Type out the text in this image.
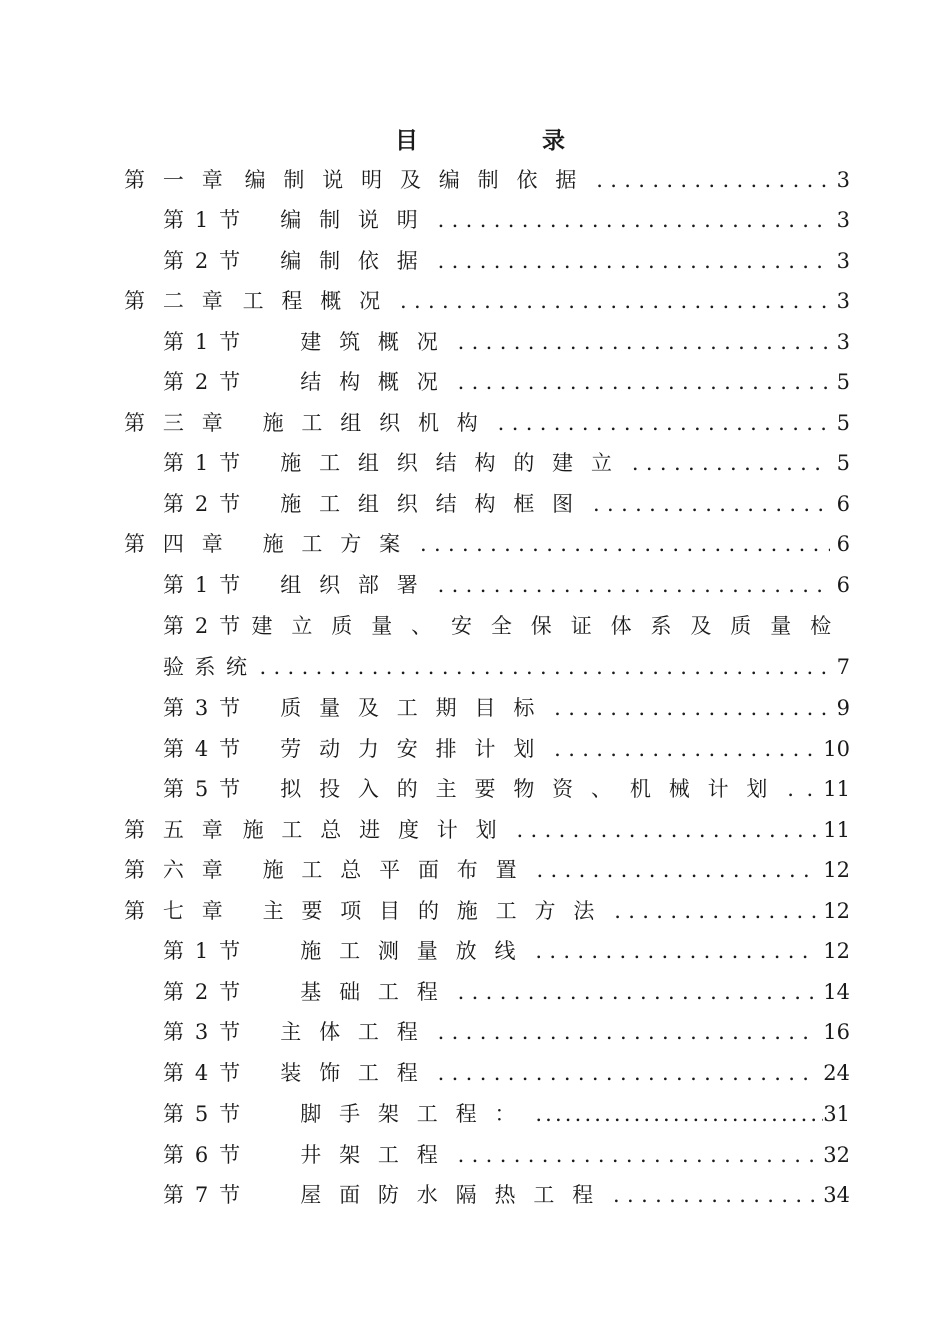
目 录
第一章 编制说明及编制依据 .....	3
第 1 节 编制说明 .....	3
第 2 节 编制依据 .....	3
第二章 工程概况 .....	3
第 1 节	建筑概况 .....	3
第 2 节	结构概况 .....	5
第三章 施工组织机构 .....	5
第 1 节 施工组织结构的建立 .....	5
第 2 节 施工组织结构框图 .....	6
第四章 施工方案 .....	6
第 1 节 组织部署 .....	6
第 2 节 建立质量、安全保证体系及质量检
验系统 .....	7
第 3 节 质量及工期目标 .....	9
第 4 节 劳动力安排计划 .....	10
第 5 节 拟投入的主要物资、机械计划 ..... 11
第五章 施工总进度计划 .....	11
第六章 施工总平面布置 .....	12
第七章 主要项目的施工方法 .....	12
第 1 节	施工测量放线 .....	12
第 2 节	基础工程 .....	14
第 3 节 主体工程 .....	16
第 4 节 装饰工程 .....	24
第 5 节	脚手架工程： .....	31
第 6 节	井架工程 .....	32
第 7 节	屋面防水隔热工程 .....	34
